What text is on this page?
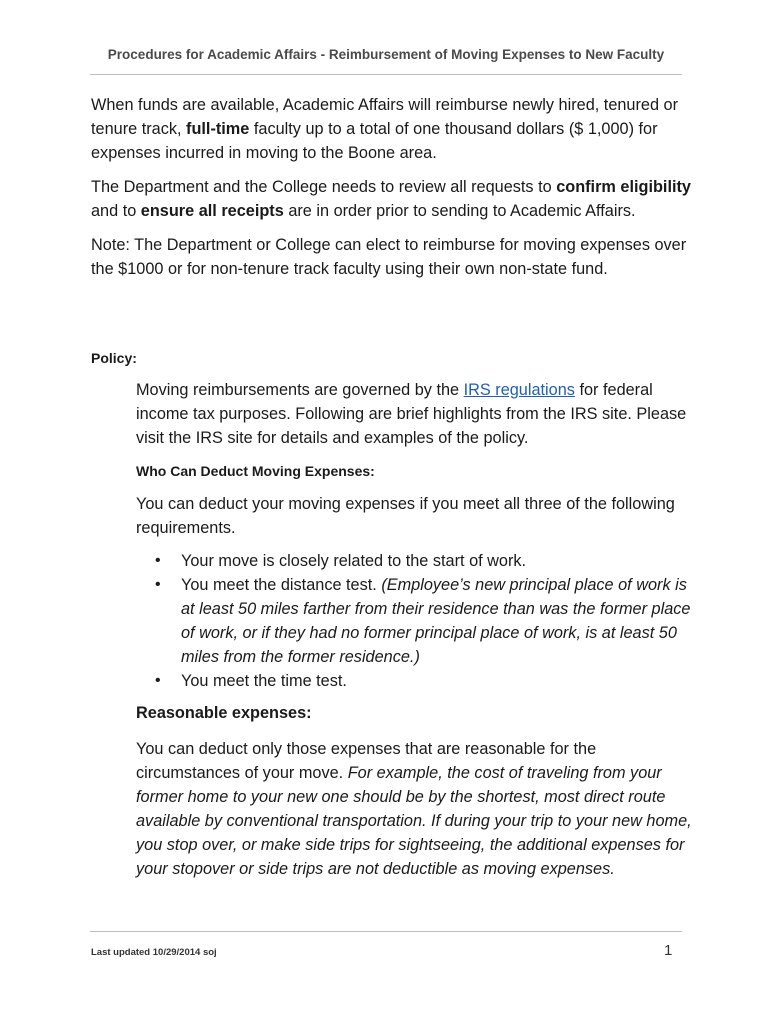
Procedures for Academic Affairs - Reimbursement of Moving Expenses to New Faculty

When funds are available, Academic Affairs will reimburse newly hired, tenured or tenure track, full-time faculty up to a total of one thousand dollars ($ 1,000) for expenses incurred in moving to the Boone area.

The Department and the College needs to review all requests to confirm eligibility and to ensure all receipts are in order prior to sending to Academic Affairs.

Note: The Department or College can elect to reimburse for moving expenses over the $1000 or for non-tenure track faculty using their own non-state fund.

Policy:

Moving reimbursements are governed by the IRS regulations for federal income tax purposes. Following are brief highlights from the IRS site. Please visit the IRS site for details and examples of the policy.

Who Can Deduct Moving Expenses:

You can deduct your moving expenses if you meet all three of the following requirements.

• Your move is closely related to the start of work.
• You meet the distance test. (Employee’s new principal place of work is at least 50 miles farther from their residence than was the former place of work, or if they had no former principal place of work, is at least 50 miles from the former residence.)
• You meet the time test.
Reasonable expenses:

You can deduct only those expenses that are reasonable for the circumstances of your move. For example, the cost of traveling from your former home to your new one should be by the shortest, most direct route available by conventional transportation. If during your trip to your new home, you stop over, or make side trips for sightseeing, the additional expenses for your stopover or side trips are not deductible as moving expenses.

Last updated 10/29/2014 soj	1
